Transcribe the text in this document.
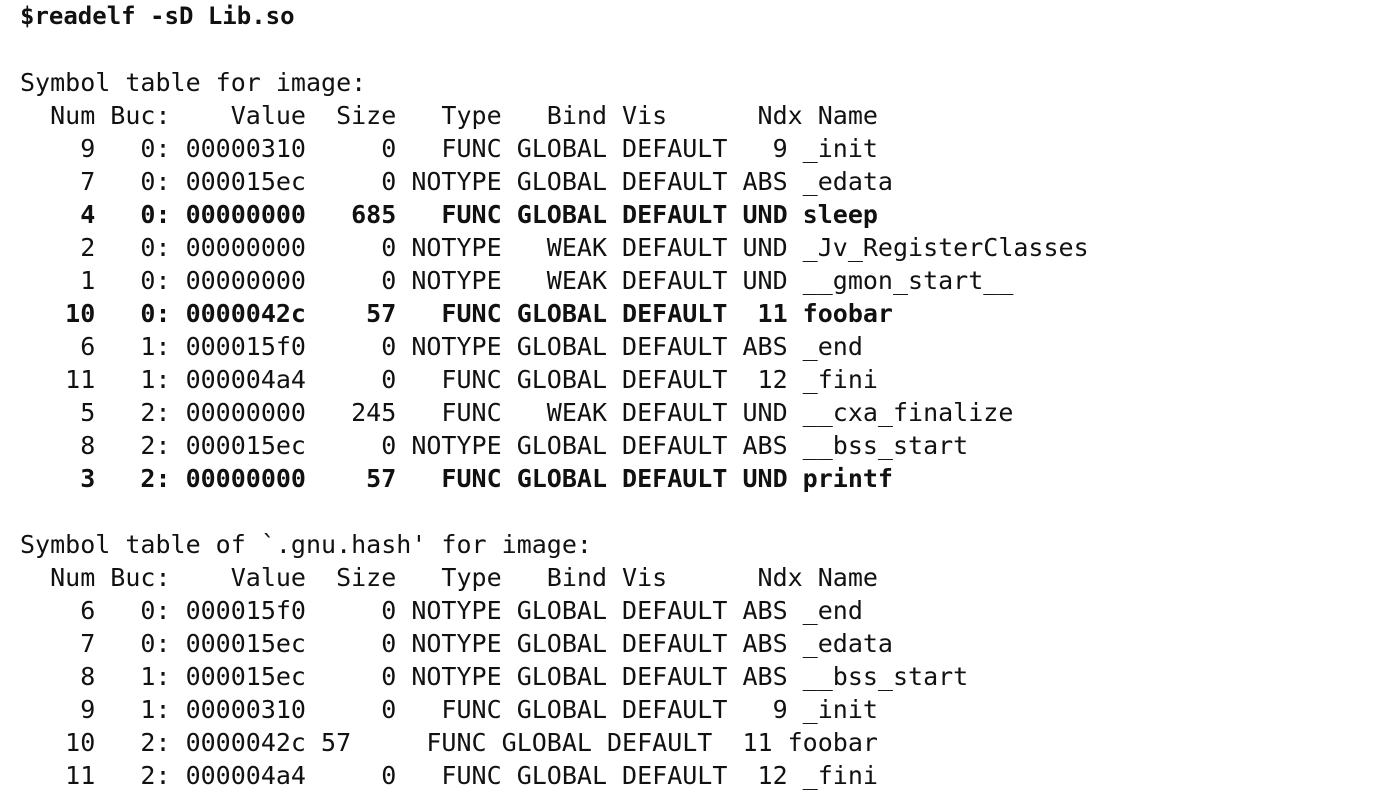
$readelf -sD Lib.so
Symbol table for image:
Num Buc:    Value  Size   Type   Bind Vis      Ndx Name
9   0: 00000310     0   FUNC GLOBAL DEFAULT   9 _init
7   0: 000015ec     0 NOTYPE GLOBAL DEFAULT ABS _edata
4   0: 00000000   685   FUNC GLOBAL DEFAULT UND sleep
2   0: 00000000     0 NOTYPE   WEAK DEFAULT UND _Jv_RegisterClasses
1   0: 00000000     0 NOTYPE   WEAK DEFAULT UND __gmon_start__
10   0: 0000042c    57   FUNC GLOBAL DEFAULT  11 foobar
6   1: 000015f0     0 NOTYPE GLOBAL DEFAULT ABS _end
11   1: 000004a4     0   FUNC GLOBAL DEFAULT  12 _fini
5   2: 00000000   245   FUNC   WEAK DEFAULT UND __cxa_finalize
8   2: 000015ec     0 NOTYPE GLOBAL DEFAULT ABS __bss_start
3   2: 00000000    57   FUNC GLOBAL DEFAULT UND printf
Symbol table of `.gnu.hash' for image:
Num Buc:    Value  Size   Type   Bind Vis      Ndx Name
6   0: 000015f0     0 NOTYPE GLOBAL DEFAULT ABS _end
7   0: 000015ec     0 NOTYPE GLOBAL DEFAULT ABS _edata
8   1: 000015ec     0 NOTYPE GLOBAL DEFAULT ABS __bss_start
9   1: 00000310     0   FUNC GLOBAL DEFAULT   9 _init
10   2: 0000042c 57     FUNC GLOBAL DEFAULT  11 foobar
11   2: 000004a4     0   FUNC GLOBAL DEFAULT  12 _fini
